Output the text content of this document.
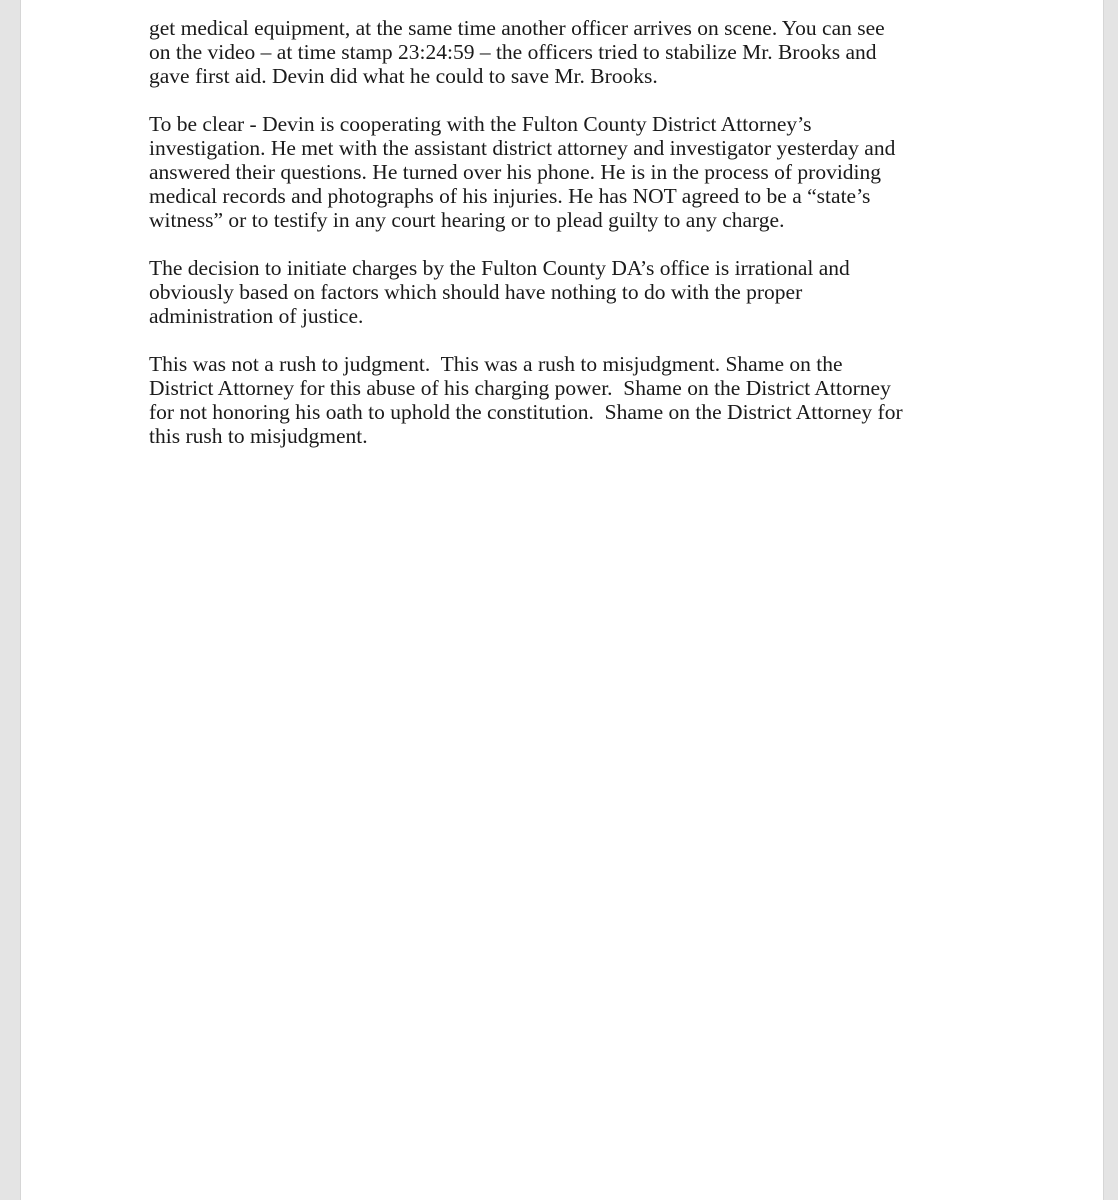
get medical equipment, at the same time another officer arrives on scene. You can see
on the video – at time stamp 23:24:59 – the officers tried to stabilize Mr. Brooks and
gave first aid. Devin did what he could to save Mr. Brooks.

To be clear - Devin is cooperating with the Fulton County District Attorney’s
investigation. He met with the assistant district attorney and investigator yesterday and
answered their questions. He turned over his phone. He is in the process of providing
medical records and photographs of his injuries. He has NOT agreed to be a “state’s
witness” or to testify in any court hearing or to plead guilty to any charge.

The decision to initiate charges by the Fulton County DA’s office is irrational and
obviously based on factors which should have nothing to do with the proper
administration of justice.

This was not a rush to judgment.  This was a rush to misjudgment. Shame on the
District Attorney for this abuse of his charging power.  Shame on the District Attorney
for not honoring his oath to uphold the constitution.  Shame on the District Attorney for
this rush to misjudgment.
